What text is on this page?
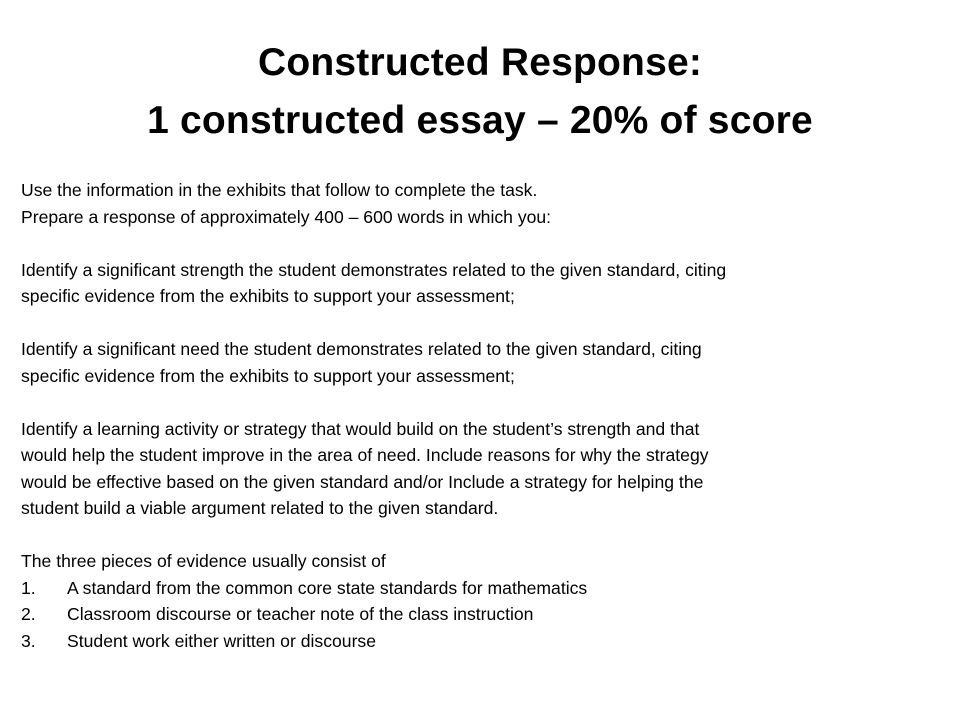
Constructed Response:
1 constructed essay – 20% of score
Use the information in the exhibits that follow to complete the task.
Prepare a response of approximately 400 – 600 words in which you:
Identify a significant strength the student demonstrates related to the given standard, citing
specific evidence from the exhibits to support your assessment;
Identify a significant need the student demonstrates related to the given standard, citing
specific evidence from the exhibits to support your assessment;
Identify a learning activity or strategy that would build on the student’s strength and that
would help the student improve in the area of need. Include reasons for why the strategy
would be effective based on the given standard and/or Include a strategy for helping the
student build a viable argument related to the given standard.
The three pieces of evidence usually consist of
1. A standard from the common core state standards for mathematics
2. Classroom discourse or teacher note of the class instruction
3. Student work either written or discourse
